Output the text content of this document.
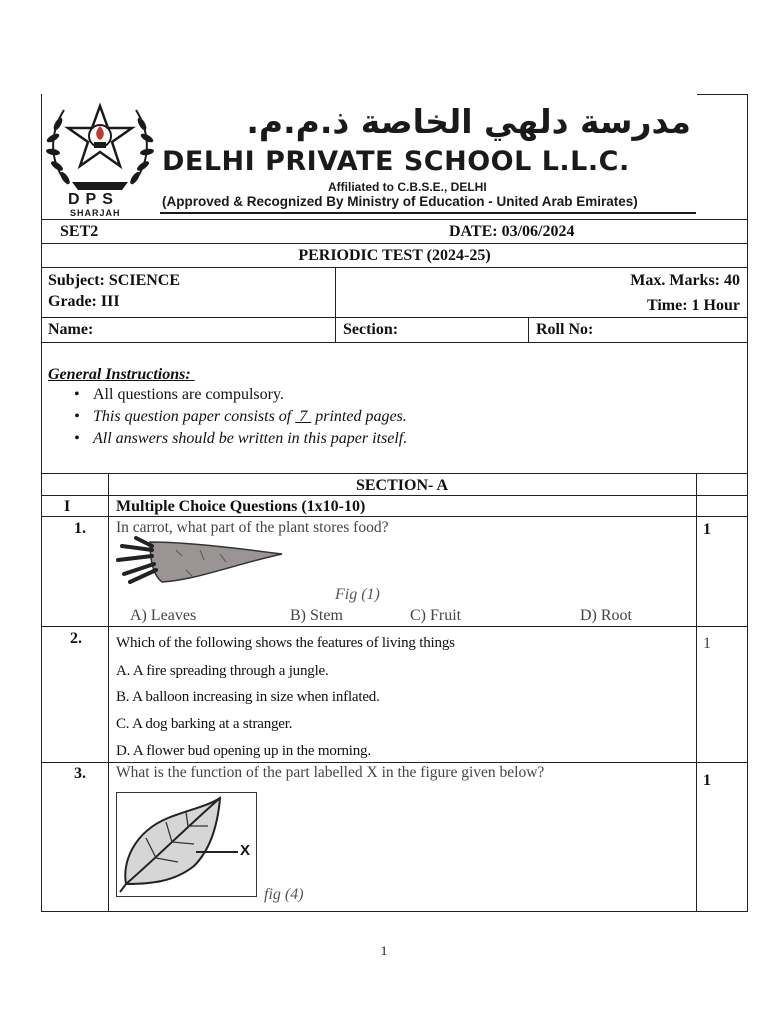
DPS
SHARJAH
مدرسة دلهي الخاصة ذ.م.م.
DELHI PRIVATE SCHOOL L.L.C.
Affiliated to C.B.S.E., DELHI
(Approved & Recognized By Ministry of Education - United Arab Emirates)
SET2	DATE: 03/06/2024
PERIODIC TEST (2024-25)
Subject: SCIENCE
Grade: III
Max. Marks: 40
Time: 1 Hour
Name:	Section:	Roll No:
General Instructions:
• All questions are compulsory.
• This question paper consists of 7 printed pages.
• All answers should be written in this paper itself.
SECTION- A
I	Multiple Choice Questions (1x10-10)
1. In carrot, what part of the plant stores food?	1
Fig (1)
A) Leaves	B) Stem	C) Fruit	D) Root
2. Which of the following shows the features of living things	1
A. A fire spreading through a jungle.
B. A balloon increasing in size when inflated.
C. A dog barking at a stranger.
D. A flower bud opening up in the morning.
3. What is the function of the part labelled X in the figure given below?	1
X
fig (4)
1
